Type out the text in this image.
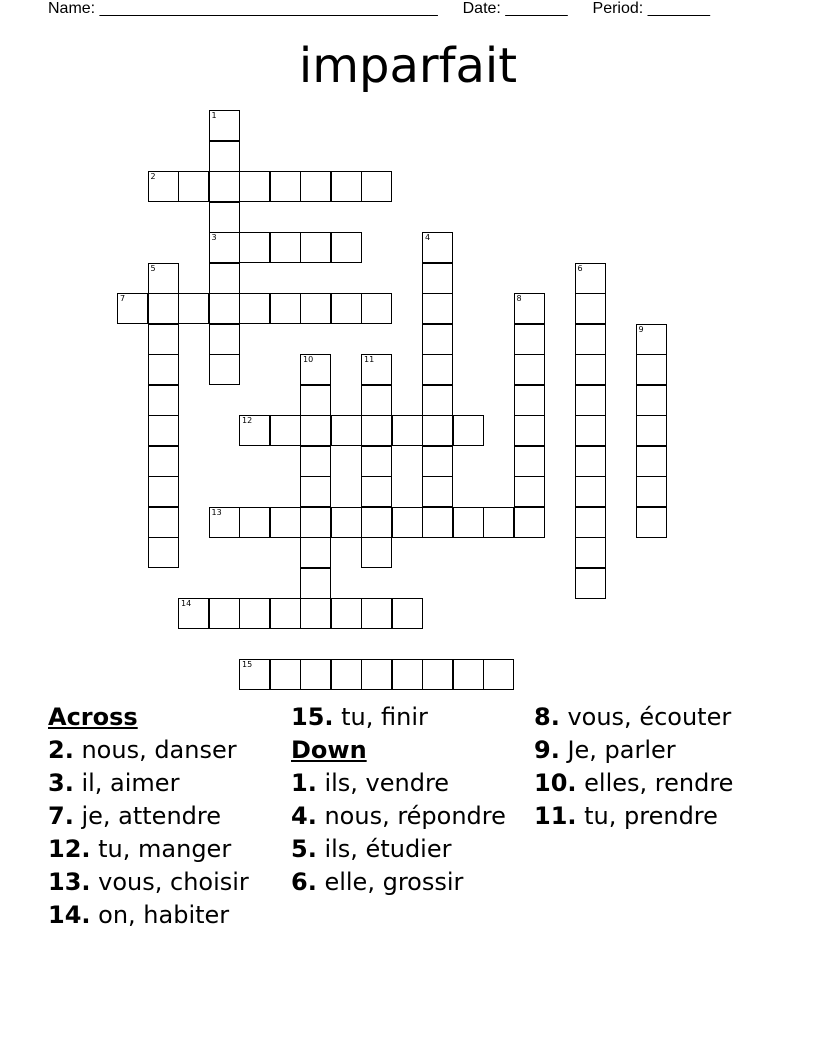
Name: ______________________________________ Date: _______ Period: _______
imparfait
1
3
2
4
5	6
7	8
9
10	11
12
13
14
15
Across
2. nous, danser
3. il, aimer
7. je, attendre
12. tu, manger
13. vous, choisir
14. on, habiter
15. tu, finir
Down
1. ils, vendre
4. nous, répondre
5. ils, étudier
6. elle, grossir
8. vous, écouter
9. Je, parler
10. elles, rendre
11. tu, prendre
